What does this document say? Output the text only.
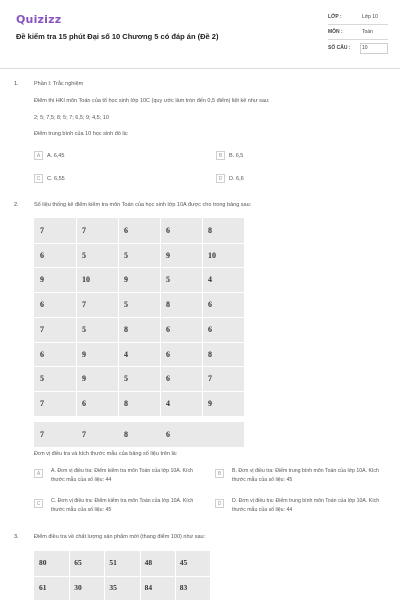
Quizizz
Đề kiểm tra 15 phút Đại số 10 Chương 5 có đáp án (Đề 2)
LỚP :	Lớp 10
MÔN :	Toán
SỐ CÂU : 10
1.	Phần I: Trắc nghiệm
Điểm thi HKI môn Toán của tổ học sinh lớp 10C (quy ước làm tròn đến 0,5 điểm) liệt kê như sau:
2; 5; 7,5; 8; 5; 7; 6,5; 9; 4,5; 10
Điểm trung bình của 10 học sinh đó là:
A A. 6,45	B B. 6,5
C C. 6,55	D D. 6,6
2.	Số liệu thống kê điểm kiểm tra môn Toán của học sinh lớp 10A được cho trong bảng sau:
7	7	6	6	8
6	5	5	9	10
9	10	9	5	4
6	7	5	8	6
7	5	8	6	6
6	9	4	6	8
5	9	5	6	7
7	6	8	4	9
7	7	8	6
Đơn vị điều tra và kích thước mẫu của bảng số liệu trên là:
A	A. Đơn vị điều tra: Điểm kiểm tra môn Toán của lớp 10A. Kích thước mẫu của số liệu: 44
B	B. Đơn vị điều tra: Điểm trung bình môn Toán của lớp 10A. Kích thước mẫu của số liệu: 45
C	C. Đơn vị điều tra: Điểm kiểm tra môn Toán của lớp 10A. Kích thước mẫu của số liệu: 45
D	D. Đơn vị điều tra: Điểm trung bình môn Toán của lớp 10A. Kích thước mẫu của số liệu: 44
3.	Điểm điều tra về chất lượng sản phẩm mới (thang điểm 100) như sau:
80	65	51	48	45
61	30	35	84	83
